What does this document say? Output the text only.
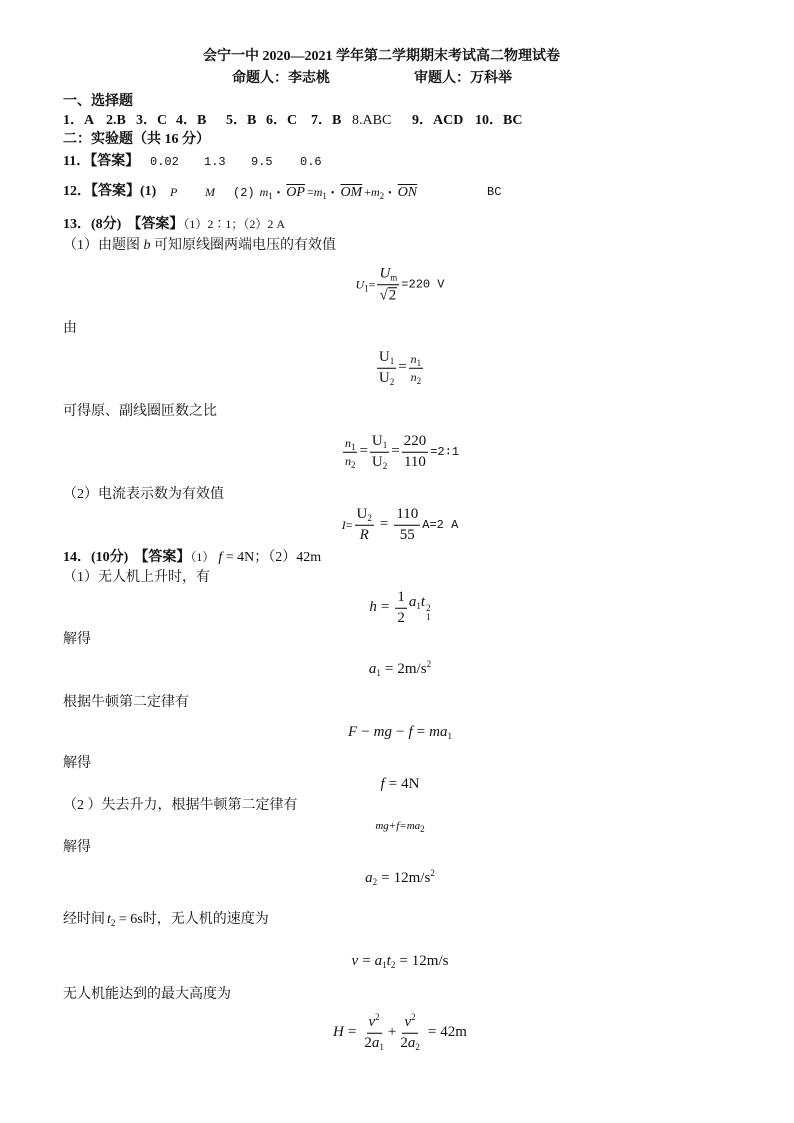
会宁一中 2020—2021 学年第二学期期末考试高二物理试卷
命题人：李志桃	审题人：万科举
一、选择题
1．A 2.B 3．C 4．B 5．B 6．C 7．B 8.ABC 9．ACD 10．BC
二：实验题（共 16 分）
11．【答案】 0.02 1.3 9.5 0.6
12．【答案】(1) P M (2) $m_1$ • $\overline{OP} =m_1$ • $\overline{OM} +m_2$ • $\overline{ON}$	BC
13．(8分) 【答案】（1）2∶1；（2）2 A
（1）由题图 b 可知原线圈两端电压的有效值
$U_1= \frac{U_m}{√ 2} =220$ V
由
$\frac{U_1}{U_2} = \frac{n_1}{n_2}$
可得原、副线圈匝数之比
$\frac{n_1}{n_2} = \frac{U_1}{U_2} = \frac{220}{110}$ =2∶1
（2）电流表示数为有效值
$I= \frac{U_2}{R} = \frac{110}{55} A=2$ A
14．(10分) 【答案】（1） f = 4N；（2）42m
（1）无人机上升时，有
$h = \frac{1}{2} a_1t$ 2
1
解得
$a_1 = 2m/s^2$
根据牛顿第二定律有
F − mg − $f = ma_1$
解得
f = 4N
（2 ）失去升力，根据牛顿第二定律有
$mg+f=ma_2$
解得
$a_2 = 12m/s^2$
经时间 $t_2 = 6s$时，无人机的速度为
$v = a_1t_2 = 12m/s$
无人机能达到的最大高度为
$H = \frac{v^2}{2a_1} + \frac{v^2}{2a_2} = 42m$
